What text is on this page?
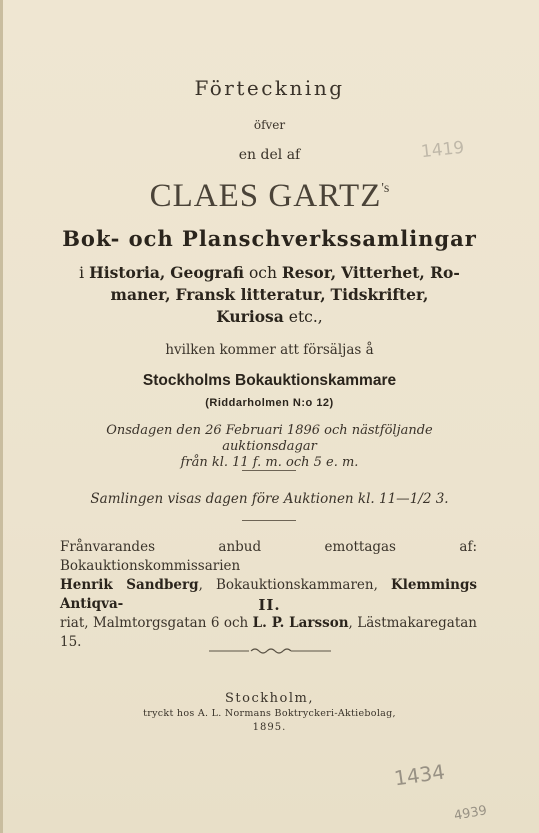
Förteckning
öfver
en del af
CLAES $GARTZ^{'s}$
Bok- och Planschverkssamlingar
i Historia, Geografi och Resor, Vitterhet, Ro-
maner, Fransk litteratur, Tidskrifter,
Kuriosa etc.,
hvilken kommer att försäljas å
Stockholms Bokauktionskammare
(Riddarholmen N:o 12)
Onsdagen den 26 Februari 1896 och nästföljande auktionsdagar
från kl. 11 f. m. och 5 e. m.
Samlingen visas dagen före Auktionen kl. 11—1/2 3.
Frånvarandes anbud emottagas af: Bokauktionskommissarien
Henrik Sandberg, Bokauktionskammaren, Klemmings Antiqva-

riat, Malmtorgsgatan 6 och L. P. Larsson, Lästmakaregatan 15.
II.
Stockholm,
tryckt hos A. L. Normans Boktryckeri-Aktiebolag,
1895.
1419
1434
4939
